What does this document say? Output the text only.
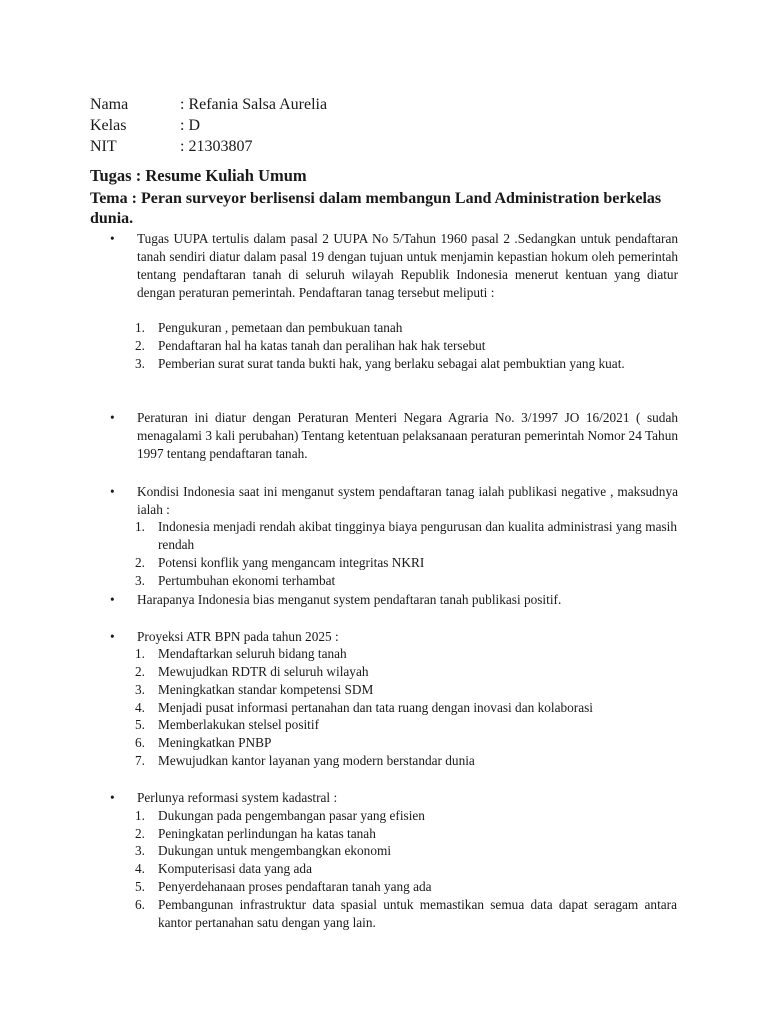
Nama	: Refania Salsa Aurelia
Kelas	: D
NIT	: 21303807
Tugas : Resume Kuliah Umum
Tema : Peran surveyor berlisensi dalam membangun Land Administration berkelas dunia.
•	Tugas UUPA tertulis dalam pasal 2 UUPA No 5/Tahun 1960 pasal 2 .Sedangkan untuk pendaftaran tanah sendiri diatur dalam pasal 19 dengan tujuan untuk menjamin kepastian hokum oleh pemerintah tentang pendaftaran tanah di seluruh wilayah Republik Indonesia menerut kentuan yang diatur dengan peraturan pemerintah. Pendaftaran tanag tersebut meliputi :
1. Pengukuran , pemetaan dan pembukuan tanah
2. Pendaftaran hal ha katas tanah dan peralihan hak hak tersebut
3. Pemberian surat surat tanda bukti hak, yang berlaku sebagai alat pembuktian yang kuat.
•	Peraturan ini diatur dengan Peraturan Menteri Negara Agraria No. 3/1997 JO 16/2021 ( sudah menagalami 3 kali perubahan) Tentang ketentuan pelaksanaan peraturan pemerintah Nomor 24 Tahun 1997 tentang pendaftaran tanah.
•	Kondisi Indonesia saat ini menganut system pendaftaran tanag ialah publikasi negative , maksudnya ialah :
1. Indonesia menjadi rendah akibat tingginya biaya pengurusan dan kualita administrasi yang masih rendah
2. Potensi konflik yang mengancam integritas NKRI
3. Pertumbuhan ekonomi terhambat
•	Harapanya Indonesia bias menganut system pendaftaran tanah publikasi positif.
•	Proyeksi ATR BPN pada tahun 2025 :
1. Mendaftarkan seluruh bidang tanah
2. Mewujudkan RDTR di seluruh wilayah
3. Meningkatkan standar kompetensi SDM
4. Menjadi pusat informasi pertanahan dan tata ruang dengan inovasi dan kolaborasi
5. Memberlakukan stelsel positif
6. Meningkatkan PNBP
7. Mewujudkan kantor layanan yang modern berstandar dunia
•	Perlunya reformasi system kadastral :
1. Dukungan pada pengembangan pasar yang efisien
2. Peningkatan perlindungan ha katas tanah
3. Dukungan untuk mengembangkan ekonomi
4. Komputerisasi data yang ada
5. Penyerdehanaan proses pendaftaran tanah yang ada
6. Pembangunan infrastruktur data spasial untuk memastikan semua data dapat seragam antara kantor pertanahan satu dengan yang lain.
